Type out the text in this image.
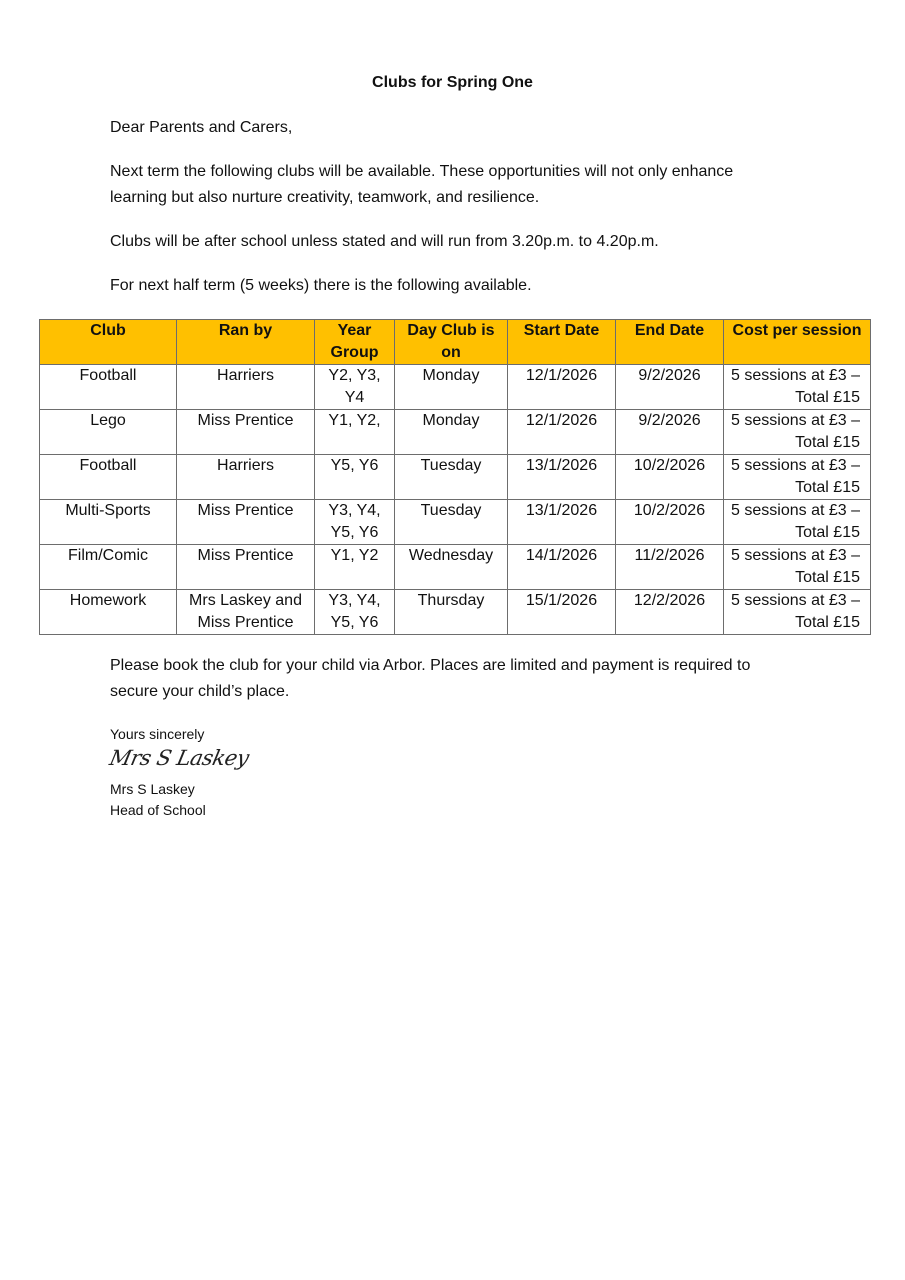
Clubs for Spring One

Dear Parents and Carers,

Next term the following clubs will be available. These opportunities will not only enhance learning but also nurture creativity, teamwork, and resilience.

Clubs will be after school unless stated and will run from 3.20p.m. to 4.20p.m.

For next half term (5 weeks) there is the following available.

Club	Ran by	Year Group	Day Club is on	Start Date	End Date	Cost per session
Football	Harriers	Y2, Y3, Y4	Monday	12/1/2026	9/2/2026	5 sessions at £3 – Total £15
Lego	Miss Prentice	Y1, Y2,	Monday	12/1/2026	9/2/2026	5 sessions at £3 – Total £15
Football	Harriers	Y5, Y6	Tuesday	13/1/2026	10/2/2026	5 sessions at £3 – Total £15
Multi-Sports	Miss Prentice	Y3, Y4, Y5, Y6	Tuesday	13/1/2026	10/2/2026	5 sessions at £3 – Total £15
Film/Comic	Miss Prentice	Y1, Y2	Wednesday	14/1/2026	11/2/2026	5 sessions at £3 – Total £15
Homework	Mrs Laskey and Miss Prentice	Y3, Y4, Y5, Y6	Thursday	15/1/2026	12/2/2026	5 sessions at £3 – Total £15

Please book the club for your child via Arbor. Places are limited and payment is required to secure your child’s place.

Yours sincerely

Mrs S Laskey

Mrs S Laskey

Head of School
